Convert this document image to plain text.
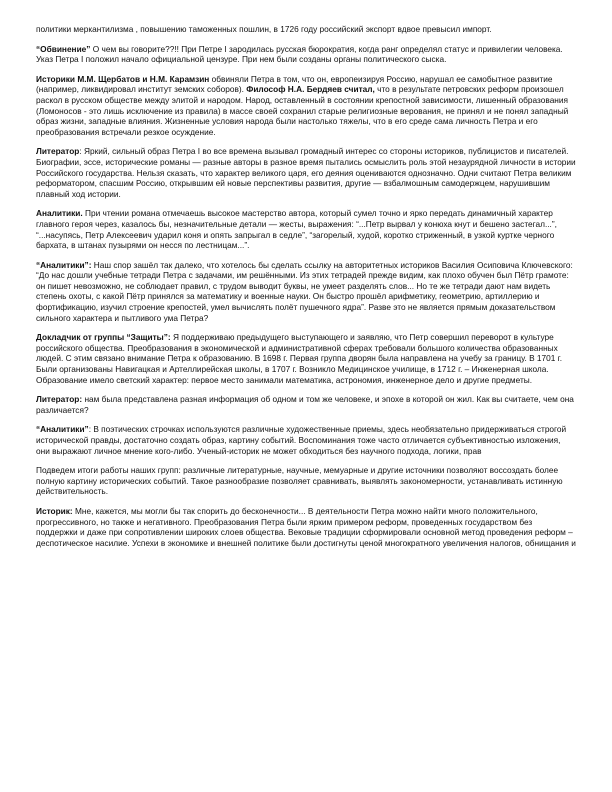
политики меркантилизма , повышению таможенных пошлин, в 1726 году российский экспорт вдвое превысил импорт.

“Обвинение” О чем вы говорите??!! При Петре I зародилась русская бюрократия, когда ранг определял статус и привилегии человека. Указ Петра I положил начало официальной цензуре. При нем были созданы органы политического сыска.

Историки М.М. Щербатов и Н.М. Карамзин обвиняли Петра в том, что он, европеизируя Россию, нарушал ее самобытное развитие (например, ликвидировал институт земских соборов). Философ Н.А. Бердяев считал, что в результате петровских реформ произошел раскол в русском обществе между элитой и народом. Народ, оставленный в состоянии крепостной зависимости, лишенный образования (Ломоносов - это лишь исключение из правила) в массе своей сохранил старые религиозные верования, не принял и не понял западный образ жизни, западные влияния. Жизненные условия народа были настолько тяжелы, что в его среде сама личность Петра и его преобразования встречали резкое осуждение.

Литератор: Яркий, сильный образ Петра I во все времена вызывал громадный интерес со стороны историков, публицистов и писателей. Биографии, эссе, исторические романы — разные авторы в разное время пытались осмыслить роль этой незаурядной личности в истории Российского государства. Нельзя сказать, что характер великого царя, его деяния оцениваются однозначно. Одни считают Петра великим реформатором, спасшим Россию, открывшим ей новые перспективы развития, другие — взбалмошным самодержцем, нарушившим плавный ход истории.

Аналитики. При чтении романа отмечаешь высокое мастерство автора, который сумел точно и ярко передать динамичный характер главного героя через, казалось бы, незначительные детали — жесты, выражения: “...Петр вырвал у конюха кнут и бешено застегал...”, “...насупясь, Петр Алексеевич ударил коня и опять запрыгал в седле”, “загорелый, худой, коротко стриженный, в узкой куртке черного бархата, в штанах пузырями он несся по лестницам...”.

“Аналитики”: Наш спор зашёл так далеко, что хотелось бы сделать ссылку на авторитетных историков Василия Осиповича Ключевского: “До нас дошли учебные тетради Петра с задачами, им решёнными. Из этих тетрадей прежде видим, как плохо обучен был Пётр грамоте: он пишет невозможно, не соблюдает правил, с трудом выводит буквы, не умеет разделять слов... Но те же тетради дают нам видеть степень охоты, с какой Пётр принялся за математику и военные науки. Он быстро прошёл арифметику, геометрию, артиллерию и фортификацию, изучил строение крепостей, умел вычислять полёт пушечного ядра”. Разве это не является прямым доказательством сильного характера и пытливого ума Петра?

Докладчик от группы “Защиты”: Я поддерживаю предыдущего выступающего и заявляю, что Петр совершил переворот в культуре российского общества. Преобразования в экономической и административной сферах требовали большого количества образованных людей. С этим связано внимание Петра к образованию. В 1698 г. Первая группа дворян была направлена на учебу за границу. В 1701 г. Были организованы Навигацкая и Артеллирейская школы, в 1707 г. Возникло Медицинское училище, в 1712 г. – Инженерная школа. Образование имело светский характер: первое место занимали математика, астрономия, инженерное дело и другие предметы.

Литератор: нам была представлена разная информация об одном и том же человеке, и эпохе в которой он жил. Как вы считаете, чем она различается?

“Аналитики”: В поэтических строчках используются различные художественные приемы, здесь необязательно придерживаться строгой исторической правды, достаточно создать образ, картину событий. Воспоминания тоже часто отличается субъективностью изложения, они выражают личное мнение кого-либо. Ученый-историк не может обходиться без научного подхода, логики, прав

Подведем итоги работы наших групп: различные литературные, научные, мемуарные и другие источники позволяют воссоздать более полную картину исторических событий. Такое разнообразие позволяет сравнивать, выявлять закономерности, устанавливать истинную действительность.

Историк: Мне, кажется, мы могли бы так спорить до бесконечности... В деятельности Петра можно найти много положительного, прогрессивного, но также и негативного. Преобразования Петра были ярким примером реформ, проведенных государством без поддержки и даже при сопротивлении широких слоев общества. Вековые традиции сформировали основной метод проведения реформ – деспотическое насилие. Успехи в экономике и внешней политике были достигнуты ценой многократного увеличения налогов, обнищания и
